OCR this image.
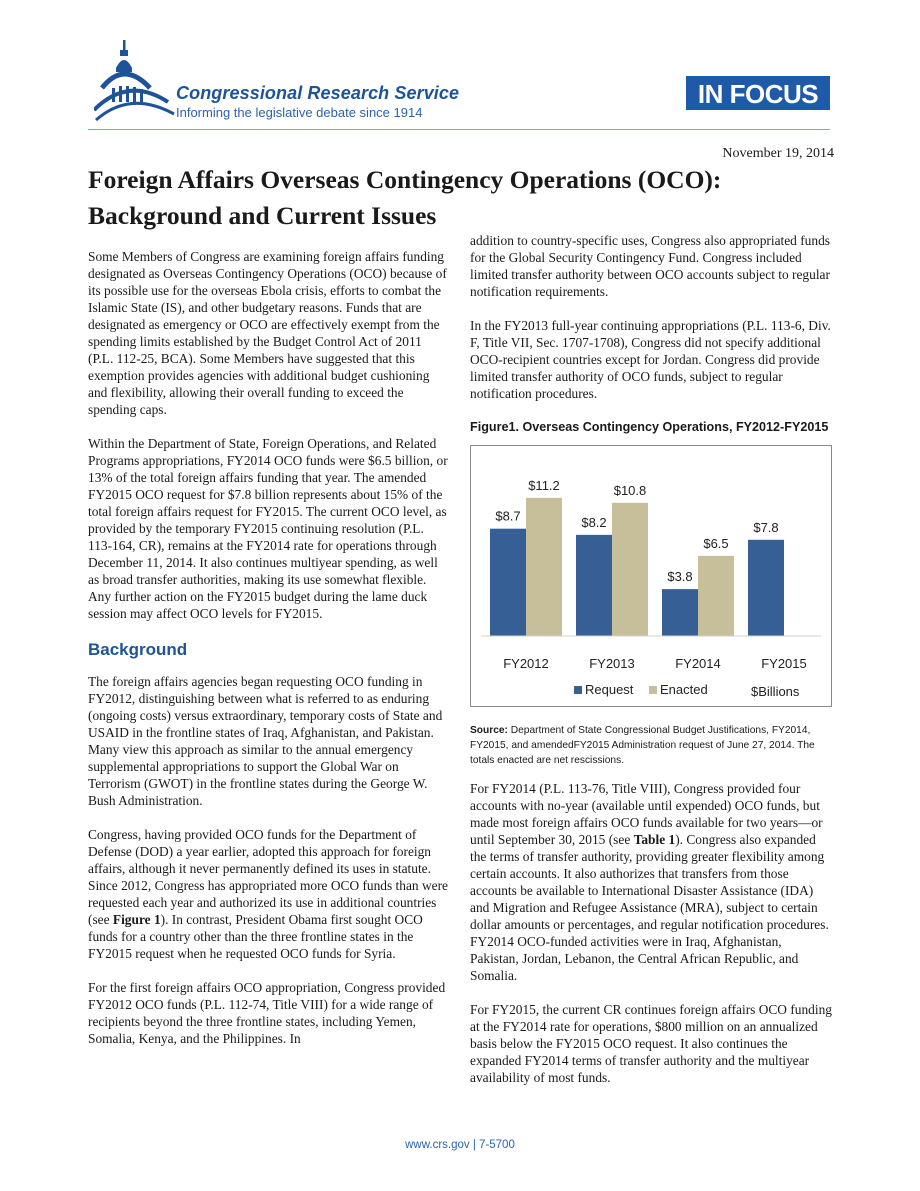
Congressional Research Service
Informing the legislative debate since 1914
IN FOCUS
November 19, 2014
Foreign Affairs Overseas Contingency Operations (OCO): Background and Current Issues

Some Members of Congress are examining foreign affairs funding designated as Overseas Contingency Operations (OCO) because of its possible use for the overseas Ebola crisis, efforts to combat the Islamic State (IS), and other budgetary reasons. Funds that are designated as emergency or OCO are effectively exempt from the spending limits established by the Budget Control Act of 2011 (P.L. 112-25, BCA). Some Members have suggested that this exemption provides agencies with additional budget cushioning and flexibility, allowing their overall funding to exceed the spending caps.

Within the Department of State, Foreign Operations, and Related Programs appropriations, FY2014 OCO funds were $6.5 billion, or 13% of the total foreign affairs funding that year. The amended FY2015 OCO request for $7.8 billion represents about 15% of the total foreign affairs request for FY2015. The current OCO level, as provided by the temporary FY2015 continuing resolution (P.L. 113-164, CR), remains at the FY2014 rate for operations through December 11, 2014. It also continues multiyear spending, as well as broad transfer authorities, making its use somewhat flexible. Any further action on the FY2015 budget during the lame duck session may affect OCO levels for FY2015.

Background

The foreign affairs agencies began requesting OCO funding in FY2012, distinguishing between what is referred to as enduring (ongoing costs) versus extraordinary, temporary costs of State and USAID in the frontline states of Iraq, Afghanistan, and Pakistan. Many view this approach as similar to the annual emergency supplemental appropriations to support the Global War on Terrorism (GWOT) in the frontline states during the George W. Bush Administration.

Congress, having provided OCO funds for the Department of Defense (DOD) a year earlier, adopted this approach for foreign affairs, although it never permanently defined its uses in statute. Since 2012, Congress has appropriated more OCO funds than were requested each year and authorized its use in additional countries (see Figure 1). In contrast, President Obama first sought OCO funds for a country other than the three frontline states in the FY2015 request when he requested OCO funds for Syria.

For the first foreign affairs OCO appropriation, Congress provided FY2012 OCO funds (P.L. 112-74, Title VIII) for a wide range of recipients beyond the three frontline states, including Yemen, Somalia, Kenya, and the Philippines. In

addition to country-specific uses, Congress also appropriated funds for the Global Security Contingency Fund. Congress included limited transfer authority between OCO accounts subject to regular notification requirements.

In the FY2013 full-year continuing appropriations (P.L. 113-6, Div. F, Title VII, Sec. 1707-1708), Congress did not specify additional OCO-recipient countries except for Jordan. Congress did provide limited transfer authority of OCO funds, subject to regular notification procedures.

Figure1. Overseas Contingency Operations, FY2012-FY2015

$8.7
$11.2
FY2012
$8.2
$10.8
FY2013
$3.8
$6.5
FY2014
$7.8
FY2015
Request Enacted	$Billions

Source: Department of State Congressional Budget Justifications, FY2014, FY2015, and amendedFY2015 Administration request of June 27, 2014. The totals enacted are net rescissions.

For FY2014 (P.L. 113-76, Title VIII), Congress provided four accounts with no-year (available until expended) OCO funds, but made most foreign affairs OCO funds available for two years—or until September 30, 2015 (see Table 1). Congress also expanded the terms of transfer authority, providing greater flexibility among certain accounts. It also authorizes that transfers from those accounts be available to International Disaster Assistance (IDA) and Migration and Refugee Assistance (MRA), subject to certain dollar amounts or percentages, and regular notification procedures. FY2014 OCO-funded activities were in Iraq, Afghanistan, Pakistan, Jordan, Lebanon, the Central African Republic, and Somalia.

For FY2015, the current CR continues foreign affairs OCO funding at the FY2014 rate for operations, $800 million on an annualized basis below the FY2015 OCO request. It also continues the expanded FY2014 terms of transfer authority and the multiyear availability of most funds.

www.crs.gov | 7-5700
